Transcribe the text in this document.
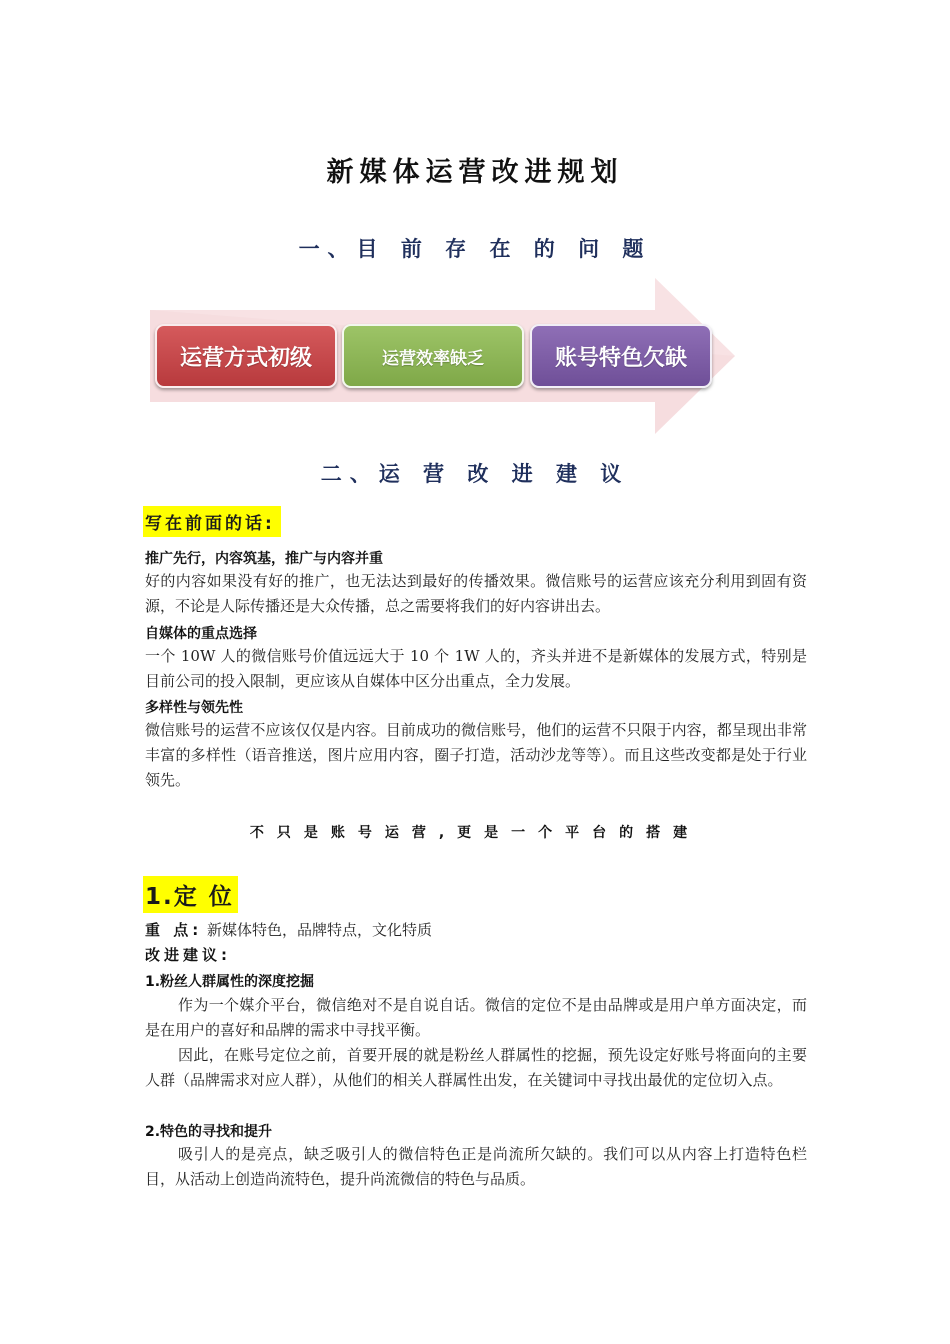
新媒体运营改进规划
一、目 前 存 在 的 问 题
运营方式初级	运营效率缺乏	账号特色欠缺
二、运 营 改 进 建 议
写在前面的话:
推广先行，内容筑基，推广与内容并重
好的内容如果没有好的推广，也无法达到最好的传播效果。微信账号的运营应该充分利用到固有资源，不论是人际传播还是大众传播，总之需要将我们的好内容讲出去。
自媒体的重点选择
一个 10W 人的微信账号价值远远大于 10 个 1W 人的，齐头并进不是新媒体的发展方式，特别是目前公司的投入限制，更应该从自媒体中区分出重点，全力发展。
多样性与领先性
微信账号的运营不应该仅仅是内容。目前成功的微信账号，他们的运营不只限于内容，都呈现出非常丰富的多样性（语音推送，图片应用内容，圈子打造，活动沙龙等等）。而且这些改变都是处于行业领先。
不只是账号运营,更是一个平台的搭建
1.定 位
重 点: 新媒体特色，品牌特点，文化特质
改进建议:
1.粉丝人群属性的深度挖掘
作为一个媒介平台，微信绝对不是自说自话。微信的定位不是由品牌或是用户单方面决定，而是在用户的喜好和品牌的需求中寻找平衡。
因此，在账号定位之前，首要开展的就是粉丝人群属性的挖掘，预先设定好账号将面向的主要人群（品牌需求对应人群），从他们的相关人群属性出发，在关键词中寻找出最优的定位切入点。
2.特色的寻找和提升
吸引人的是亮点，缺乏吸引人的微信特色正是尚流所欠缺的。我们可以从内容上打造特色栏目，从活动上创造尚流特色，提升尚流微信的特色与品质。
